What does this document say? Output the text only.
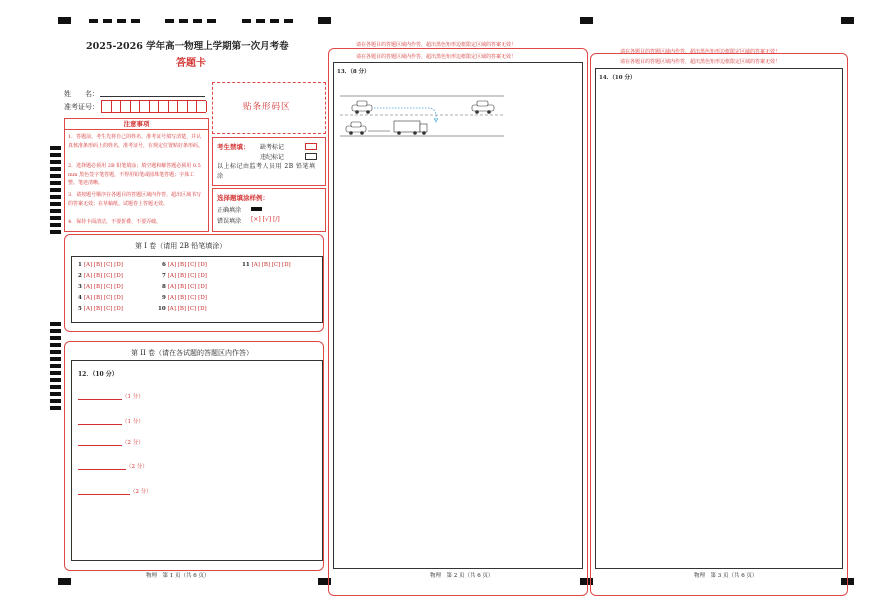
2025-2026 学年高一物理上学期第一次月考卷
答题卡
姓　　名：
准考证号：	贴条形码区
注意事项
1．答题前，考生先将自己的姓名、准考证号填写清楚，并认真核准条形码上的姓名、准考证号，在规定位置贴好条形码。
2．选择题必须用 2B 铅笔填涂；填空题和解答题必须用 0.5 mm 黑色签字笔答题，不得用铅笔或圆珠笔答题；字体工整、笔迹清晰。
3．请按题号顺序在各题目的答题区域内作答，超出区域书写的答案无效；在草稿纸、试题卷上答题无效。
4．保持卡面清洁，不要折叠、不要弄破。
考生禁填： 缺考标记
违纪标记
以上标记由监考人员用 2B 铅笔填涂
选择题填涂样例：
正确填涂
错误填涂 [×] [√] [/]
第 I 卷（请用 2B 铅笔填涂）
1 [A] [B] [C] [D]
2 [A] [B] [C] [D]
3 [A] [B] [C] [D]
4 [A] [B] [C] [D]
5 [A] [B] [C] [D]
6 [A] [B] [C] [D]
7 [A] [B] [C] [D]
8 [A] [B] [C] [D]
9 [A] [B] [C] [D]
10 [A] [B] [C] [D]
11 [A] [B] [C] [D]
第 II 卷（请在各试题的答题区内作答）
12．（10 分）
（1 分）
（1 分）
（2 分）
（2 分）
（2 分）
物理　第 1 页（共 6 页）
请在各题目的答题区域内作答，超出黑色矩形边框限定区域的答案无效！
请在各题目的答题区域内作答，超出黑色矩形边框限定区域的答案无效！
13．（8 分）
物理　第 2 页（共 6 页）
请在各题目的答题区域内作答，超出黑色矩形边框限定区域的答案无效！
请在各题目的答题区域内作答，超出黑色矩形边框限定区域的答案无效！
14．（10 分）
物理　第 3 页（共 6 页）
